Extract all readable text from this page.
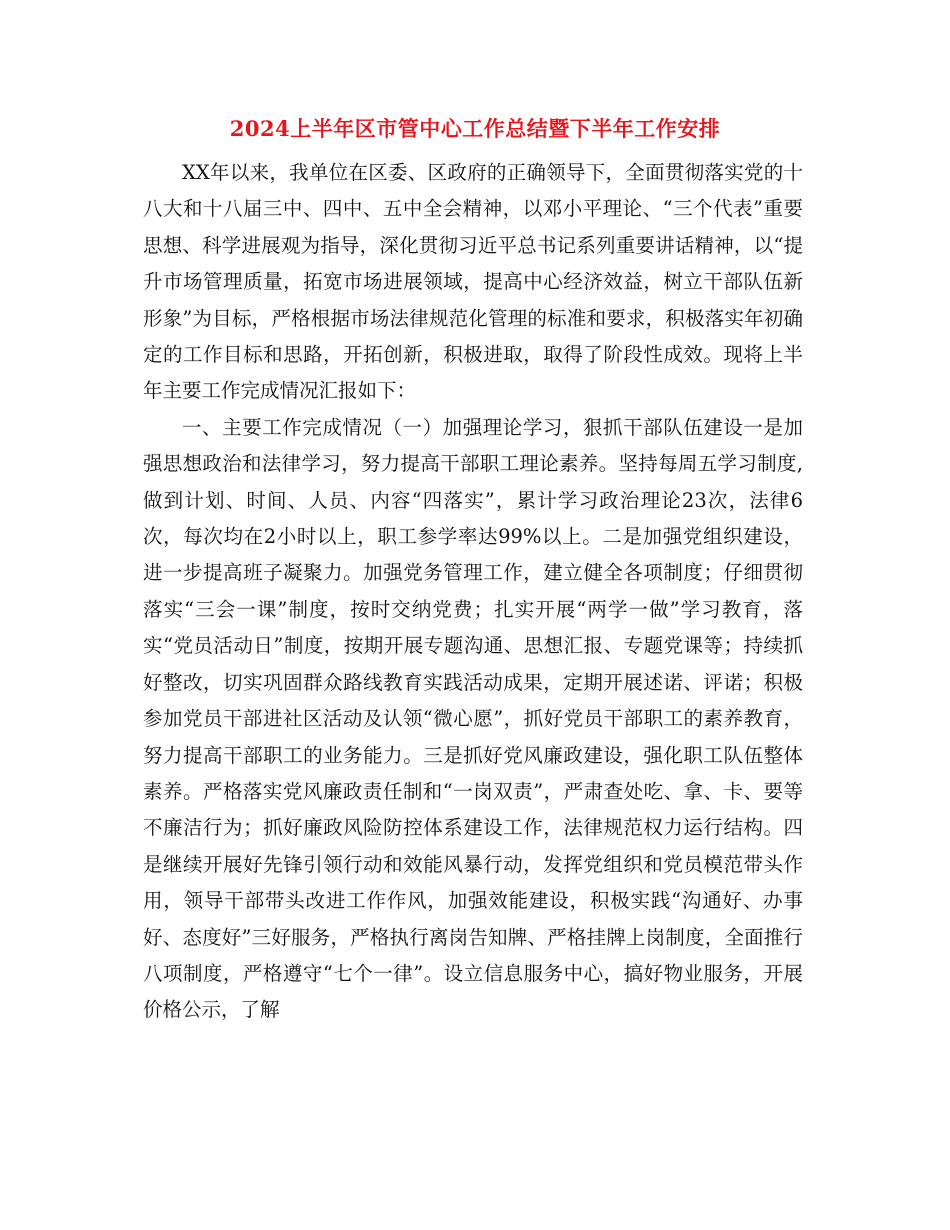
2024上半年区市管中心工作总结暨下半年工作安排

XX年以来，我单位在区委、区政府的正确领导下，全面贯彻落实党的十八大和十八届三中、四中、五中全会精神，以邓小平理论、“三个代表”重要思想、科学进展观为指导，深化贯彻习近平总书记系列重要讲话精神，以“提升市场管理质量，拓宽市场进展领域，提高中心经济效益，树立干部队伍新形象”为目标，严格根据市场法律规范化管理的标准和要求，积极落实年初确定的工作目标和思路，开拓创新，积极进取，取得了阶段性成效。现将上半年主要工作完成情况汇报如下：

一、主要工作完成情况（一）加强理论学习，狠抓干部队伍建设一是加强思想政治和法律学习，努力提高干部职工理论素养。坚持每周五学习制度,做到计划、时间、人员、内容“四落实”，累计学习政治理论23次，法律6次，每次均在2小时以上，职工参学率达99%以上。二是加强党组织建设，进一步提高班子凝聚力。加强党务管理工作，建立健全各项制度；仔细贯彻落实“三会一课”制度，按时交纳党费；扎实开展“两学一做”学习教育，落实“党员活动日”制度，按期开展专题沟通、思想汇报、专题党课等；持续抓好整改，切实巩固群众路线教育实践活动成果，定期开展述诺、评诺；积极参加党员干部进社区活动及认领“微心愿”，抓好党员干部职工的素养教育，努力提高干部职工的业务能力。三是抓好党风廉政建设，强化职工队伍整体素养。严格落实党风廉政责任制和“一岗双责”，严肃查处吃、拿、卡、要等不廉洁行为；抓好廉政风险防控体系建设工作，法律规范权力运行结构。四是继续开展好先锋引领行动和效能风暴行动，发挥党组织和党员模范带头作用，领导干部带头改进工作作风，加强效能建设，积极实践“沟通好、办事好、态度好”三好服务，严格执行离岗告知牌、严格挂牌上岗制度，全面推行八项制度，严格遵守“七个一律”。设立信息服务中心，搞好物业服务，开展价格公示，了解
